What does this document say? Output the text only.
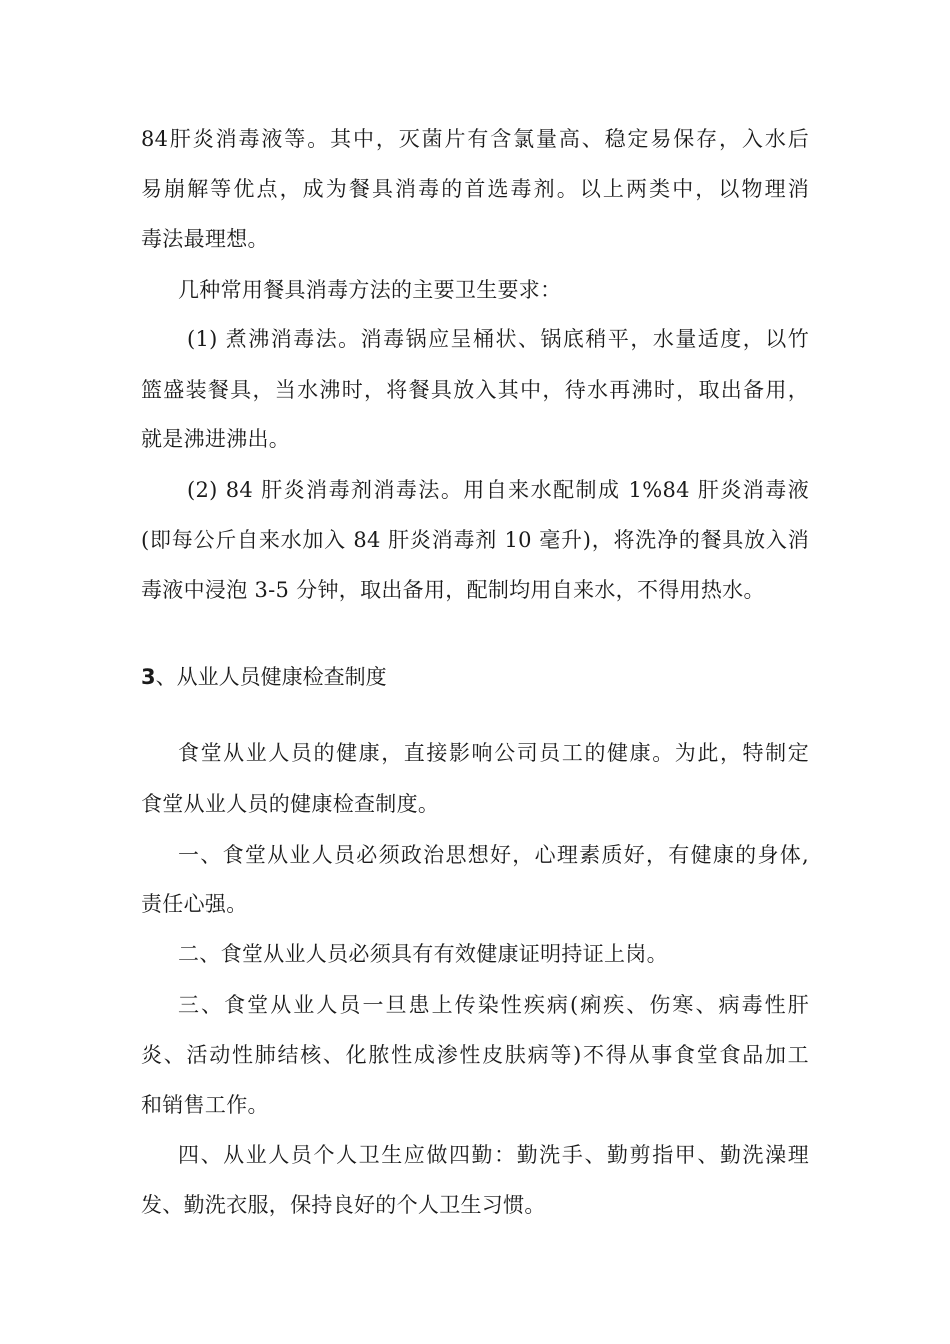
84肝炎消毒液等。其中，灭菌片有含氯量高、稳定易保存，入水后
易崩解等优点，成为餐具消毒的首选毒剂。以上两类中，以物理消
毒法最理想。
几种常用餐具消毒方法的主要卫生要求：
(1) 煮沸消毒法。消毒锅应呈桶状、锅底稍平，水量适度，以竹
篮盛装餐具，当水沸时，将餐具放入其中，待水再沸时，取出备用，
就是沸进沸出。
(2) 84 肝炎消毒剂消毒法。用自来水配制成 1%84 肝炎消毒液
(即每公斤自来水加入 84 肝炎消毒剂 10 毫升)，将洗净的餐具放入消
毒液中浸泡 3-5 分钟，取出备用，配制均用自来水，不得用热水。
3、从业人员健康检查制度
食堂从业人员的健康，直接影响公司员工的健康。为此，特制定
食堂从业人员的健康检查制度。
一、食堂从业人员必须政治思想好，心理素质好，有健康的身体,
责任心强。
二、食堂从业人员必须具有有效健康证明持证上岗。
三、食堂从业人员一旦患上传染性疾病(痢疾、伤寒、病毒性肝
炎、活动性肺结核、化脓性成渗性皮肤病等)不得从事食堂食品加工
和销售工作。
四、从业人员个人卫生应做四勤：勤洗手、勤剪指甲、勤洗澡理
发、勤洗衣服，保持良好的个人卫生习惯。
